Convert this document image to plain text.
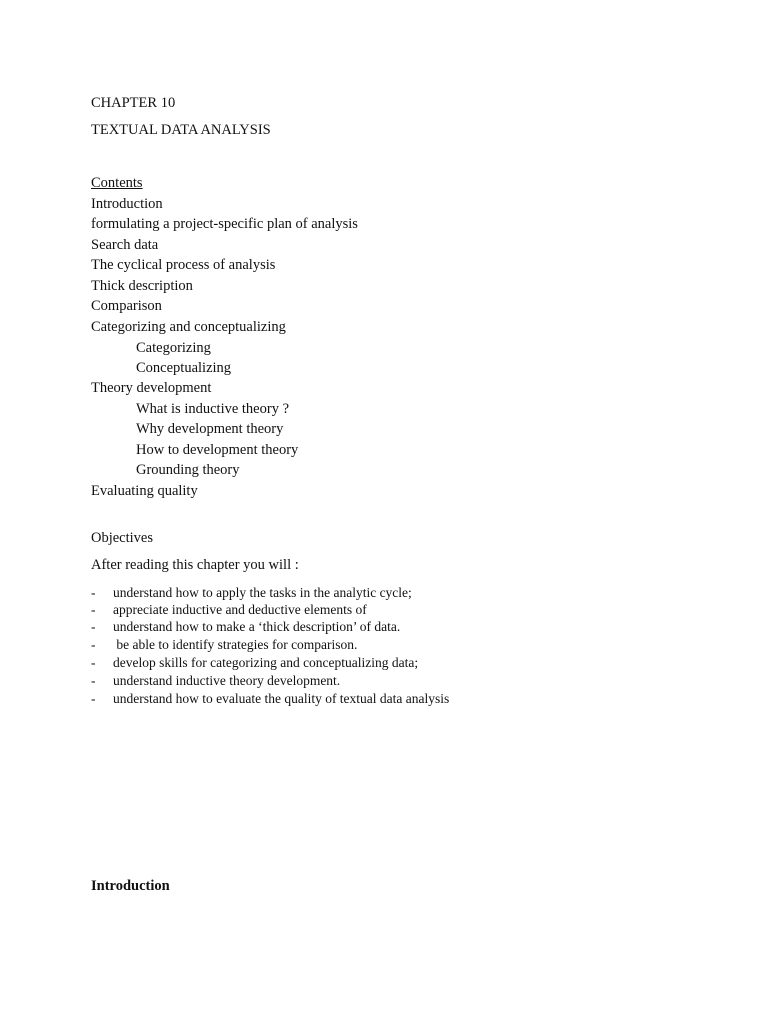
CHAPTER 10
TEXTUAL DATA ANALYSIS
Contents
Introduction
formulating a project-specific plan of analysis
Search data
The cyclical process of analysis
Thick description
Comparison
Categorizing and conceptualizing
Categorizing
Conceptualizing
Theory development
What is inductive theory ?
Why development theory
How to development theory
Grounding theory
Evaluating quality
Objectives
After reading this chapter you will :
- understand how to apply the tasks in the analytic cycle;
- appreciate inductive and deductive elements of
- understand how to make a ‘thick description’ of data.
- be able to identify strategies for comparison.
- develop skills for categorizing and conceptualizing data;
- understand inductive theory development.
- understand how to evaluate the quality of textual data analysis
Introduction
